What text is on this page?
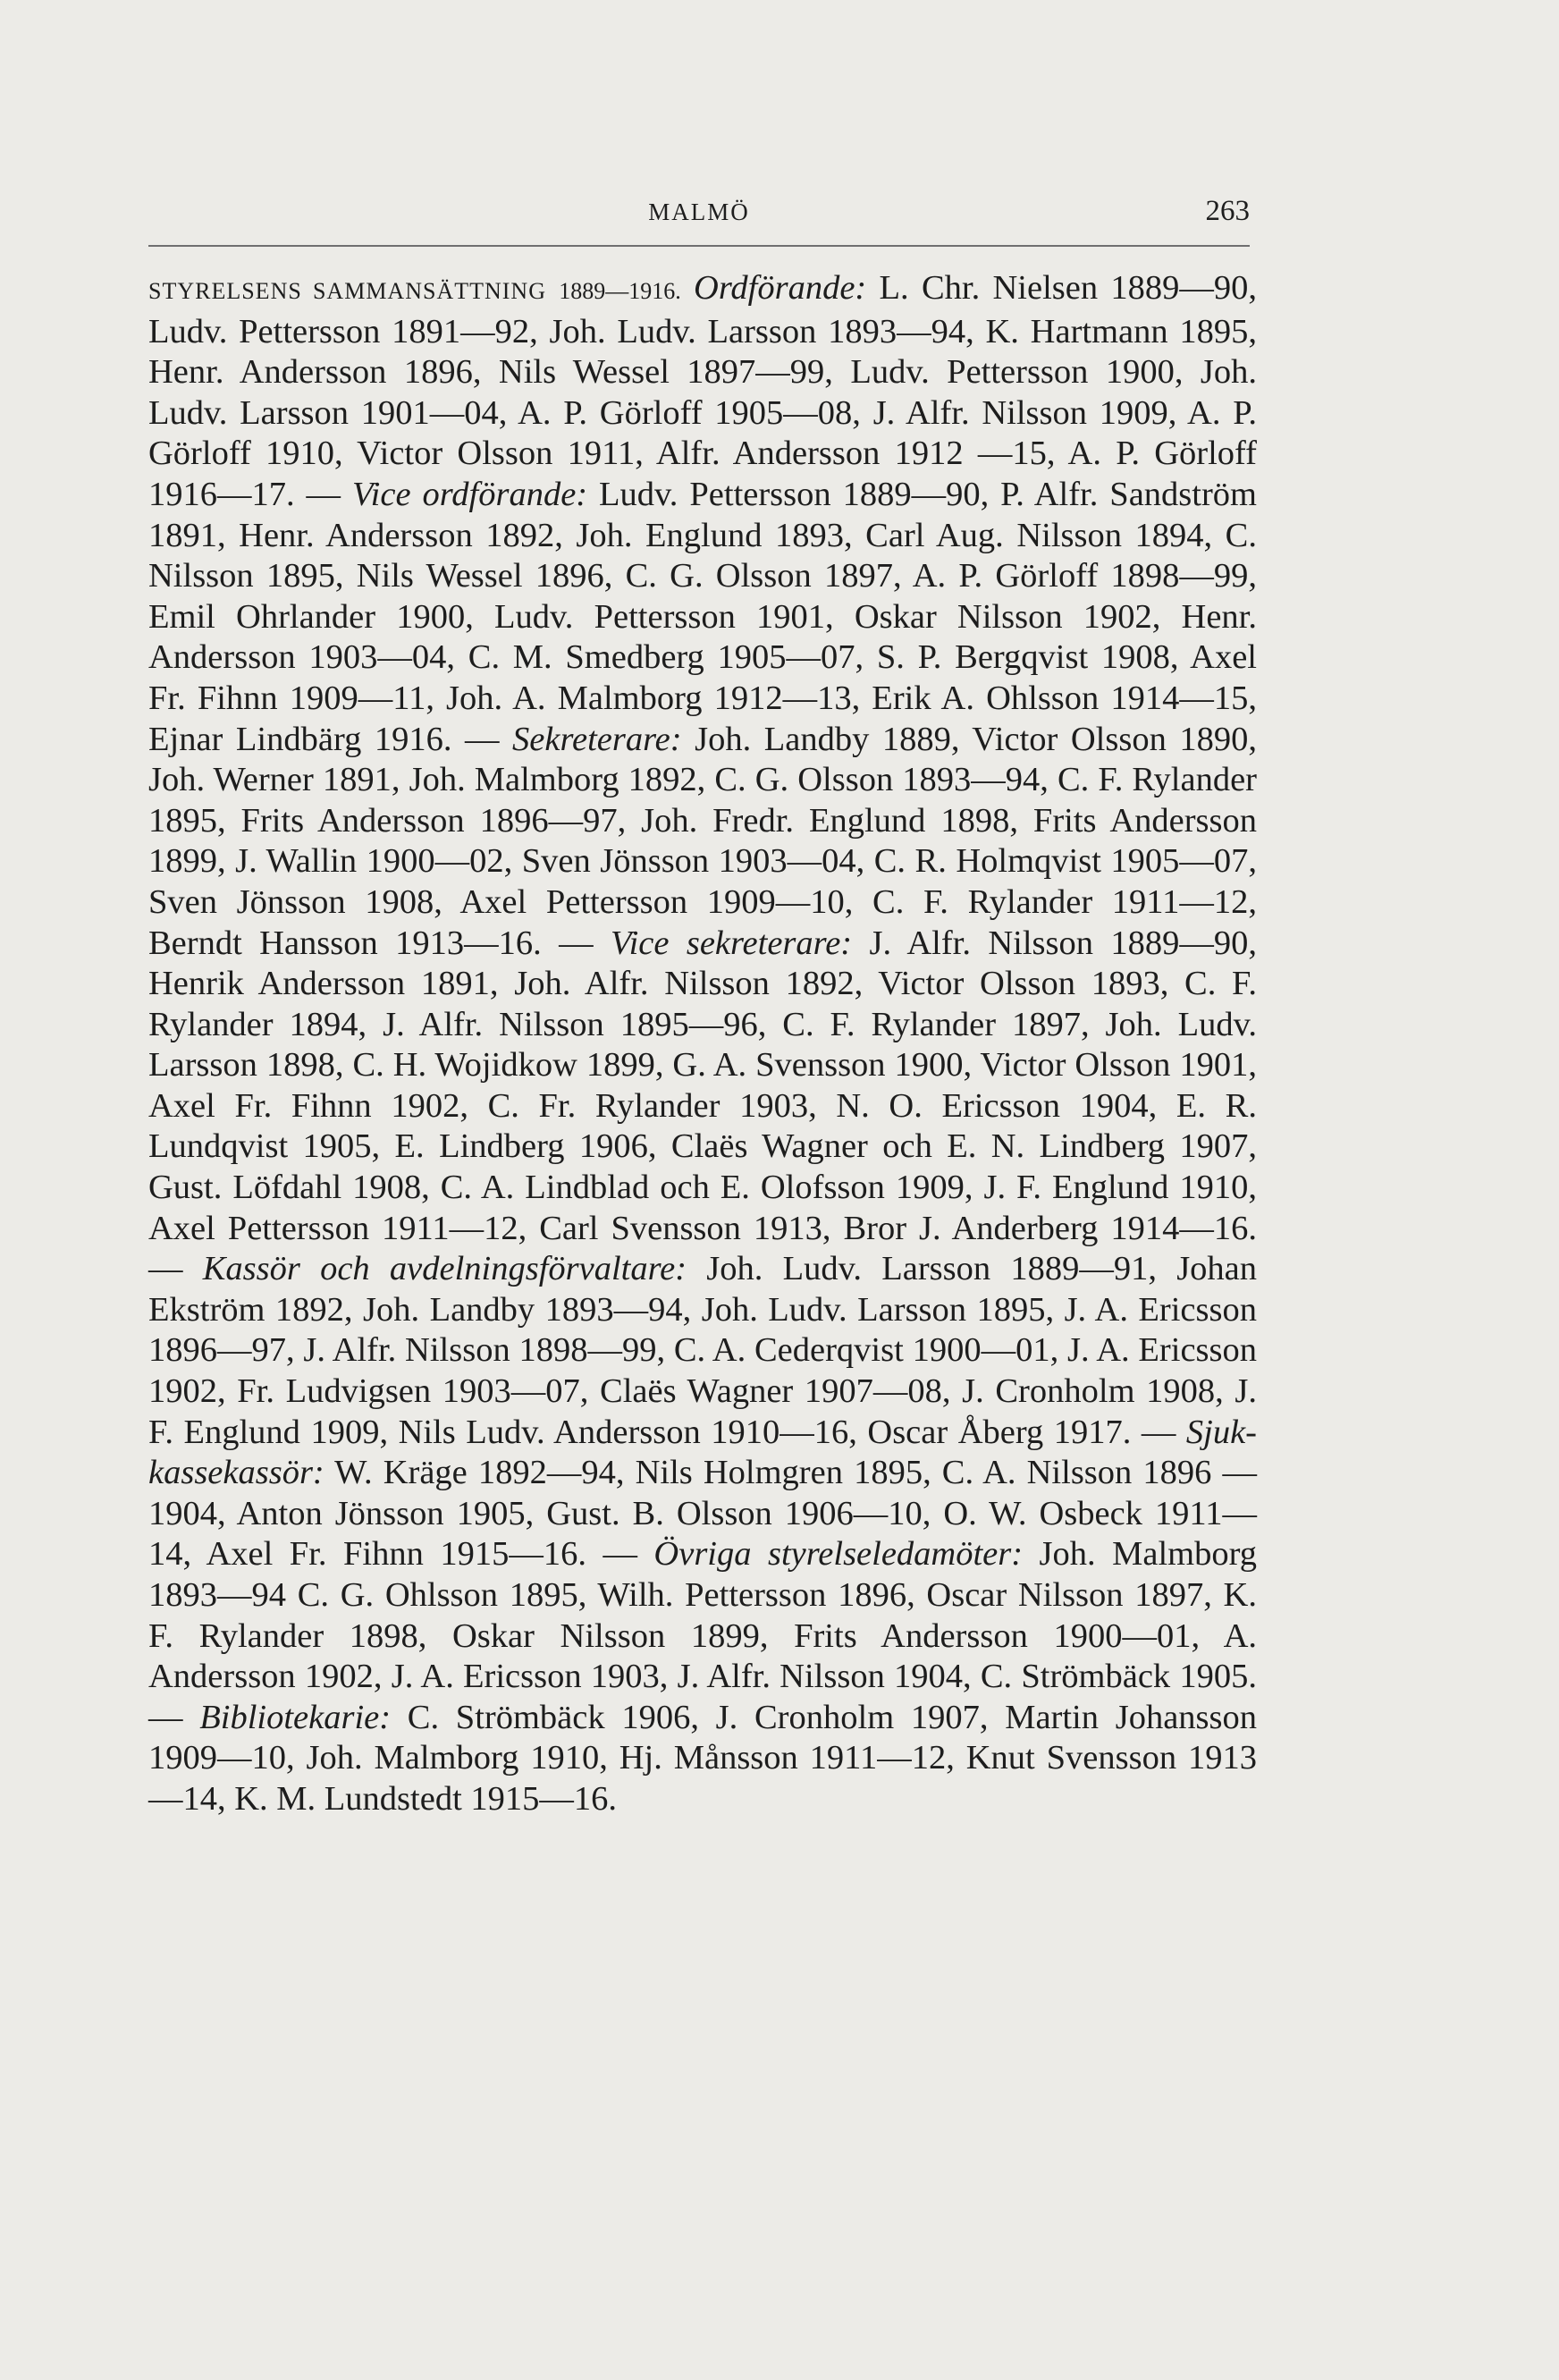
MALMÖ	263

STYRELSENS SAMMANSÄTTNING 1889—1916. Ordförande: L. Chr. Nielsen 1889—90, Ludv. Pettersson 1891—92, Joh. Ludv. Larsson 1893—94, K. Hartmann 1895, Henr. Andersson 1896, Nils Wessel 1897—99, Ludv. Pettersson 1900, Joh. Ludv. Larsson 1901—04, A. P. Görloff 1905—08, J. Alfr. Nilsson 1909, A. P. Görloff 1910, Victor Olsson 1911, Alfr. Andersson 1912 —15, A. P. Görloff 1916—17. — Vice ordförande: Ludv. Pettersson 1889—90, P. Alfr. Sandström 1891, Henr. Andersson 1892, Joh. Englund 1893, Carl Aug. Nilsson 1894, C. Nilsson 1895, Nils Wessel 1896, C. G. Olsson 1897, A. P. Görloff 1898—99, Emil Ohrlander 1900, Ludv. Pettersson 1901, Oskar Nilsson 1902, Henr. Andersson 1903—04, C. M. Smedberg 1905—07, S. P. Bergqvist 1908, Axel Fr. Fihnn 1909—11, Joh. A. Malmborg 1912—13, Erik A. Ohlsson 1914—15, Ejnar Lindbärg 1916. — Sekreterare: Joh. Landby 1889, Victor Olsson 1890, Joh. Werner 1891, Joh. Malmborg 1892, C. G. Olsson 1893—94, C. F. Rylander 1895, Frits Andersson 1896—97, Joh. Fredr. Englund 1898, Frits Andersson 1899, J. Wallin 1900—02, Sven Jönsson 1903—04, C. R. Holmqvist 1905—07, Sven Jönsson 1908, Axel Pettersson 1909—10, C. F. Rylander 1911—12, Berndt Hansson 1913—16. — Vice sekreterare: J. Alfr. Nilsson 1889—90, Henrik Andersson 1891, Joh. Alfr. Nilsson 1892, Victor Olsson 1893, C. F. Rylander 1894, J. Alfr. Nilsson 1895—96, C. F. Rylander 1897, Joh. Ludv. Larsson 1898, C. H. Wojidkow 1899, G. A. Svensson 1900, Victor Olsson 1901, Axel Fr. Fihnn 1902, C. Fr. Rylander 1903, N. O. Ericsson 1904, E. R. Lundqvist 1905, E. Lindberg 1906, Claës Wagner och E. N. Lindberg 1907, Gust. Löfdahl 1908, C. A. Lindblad och E. Olofsson 1909, J. F. Englund 1910, Axel Pettersson 1911—12, Carl Svensson 1913, Bror J. Anderberg 1914—16. — Kassör och avdelningsförvaltare: Joh. Ludv. Larsson 1889—91, Johan Ekström 1892, Joh. Landby 1893—94, Joh. Ludv. Larsson 1895, J. A. Ericsson 1896—97, J. Alfr. Nilsson 1898—99, C. A. Cederqvist 1900—01, J. A. Ericsson 1902, Fr. Ludvigsen 1903—07, Claës Wagner 1907—08, J. Cronholm 1908, J. F. Englund 1909, Nils Ludv. Andersson 1910—16, Oscar Åberg 1917. — Sjukkassekassör: W. Kräge 1892—94, Nils Holmgren 1895, C. A. Nilsson 1896 —1904, Anton Jönsson 1905, Gust. B. Olsson 1906—10, O. W. Osbeck 1911—14, Axel Fr. Fihnn 1915—16. — Övriga styrelseledamöter: Joh. Malmborg 1893—94 C. G. Ohlsson 1895, Wilh. Pettersson 1896, Oscar Nilsson 1897, K. F. Rylander 1898, Oskar Nilsson 1899, Frits Andersson 1900—01, A. Andersson 1902, J. A. Ericsson 1903, J. Alfr. Nilsson 1904, C. Strömbäck 1905. — Bibliotekarie: C. Strömbäck 1906, J. Cronholm 1907, Martin Johansson 1909—10, Joh. Malmborg 1910, Hj. Månsson 1911—12, Knut Svensson 1913—14, K. M. Lundstedt 1915—16.
